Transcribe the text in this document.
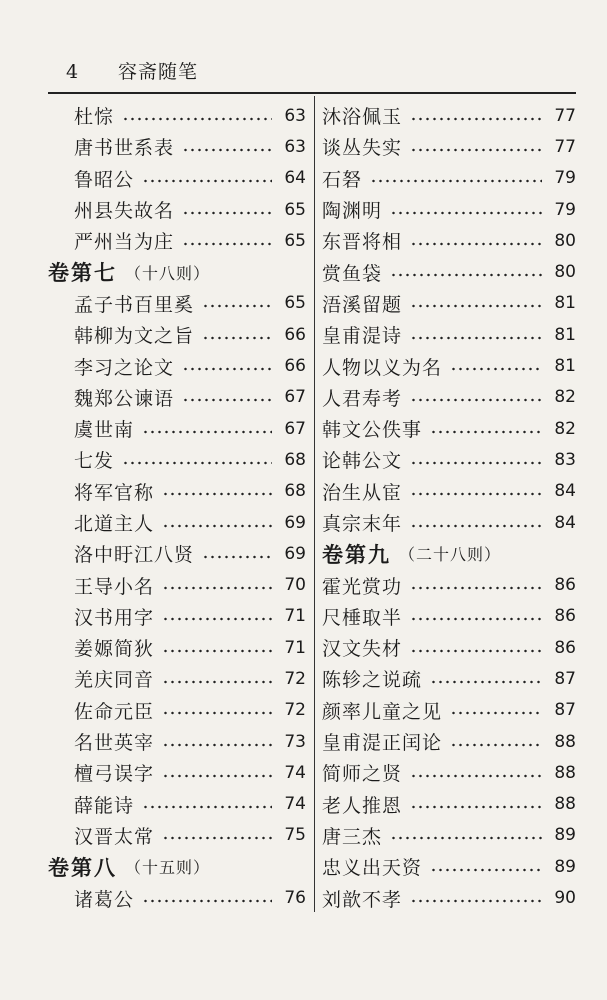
4 容斋随笔
杜悰	63
唐书世系表	63
鲁昭公	64
州县失故名	65
严州当为庄	65
卷第七 （十八则）
孟子书百里奚	65
韩柳为文之旨	66
李习之论文	66
魏郑公谏语	67
虞世南	67
七发	68
将军官称	68
北道主人	69
洛中盱江八贤	69
王导小名	70
汉书用字	71
姜嫄简狄	71
羌庆同音	72
佐命元臣	72
名世英宰	73
檀弓误字	74
薛能诗	74
汉晋太常	75
卷第八 （十五则）
诸葛公	76
沐浴佩玉	77
谈丛失实	77
石砮	79
陶渊明	79
东晋将相	80
赏鱼袋	80
浯溪留题	81
皇甫湜诗	81
人物以义为名	81
人君寿考	82
韩文公佚事	82
论韩公文	83
治生从宦	84
真宗末年	84
卷第九 （二十八则）
霍光赏功	86
尺棰取半	86
汉文失材	86
陈轸之说疏	87
颜率儿童之见	87
皇甫湜正闰论	88
简师之贤	88
老人推恩	88
唐三杰	89
忠义出天资	89
刘歆不孝	90
